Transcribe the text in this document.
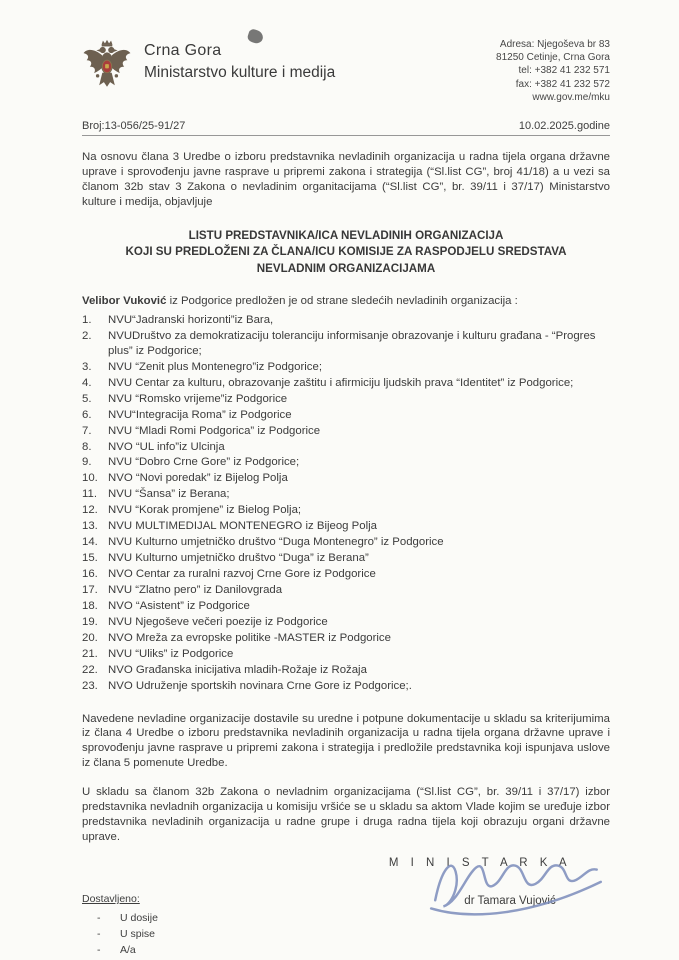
Crna Gora
Ministarstvo kulture i medija
Adresa: Njegoševa br 83
81250 Cetinje, Crna Gora
tel: +382 41 232 571
fax: +382 41 232 572
www.gov.me/mku
Broj:13-056/25-91/27	10.02.2025.godine

Na osnovu člana 3 Uredbe o izboru predstavnika nevladinih organizacija u radna tijela organa državne uprave i sprovođenju javne rasprave u pripremi zakona i strategija (“Sl.list CG”, broj 41/18) a u vezi sa članom 32b stav 3 Zakona o nevladinim organitacijama (“Sl.list CG”, br. 39/11 i 37/17) Ministarstvo kulture i medija, objavljuje

LISTU PREDSTAVNIKA/ICA NEVLADINIH ORGANIZACIJA
KOJI SU PREDLOŽENI ZA ČLANA/ICU KOMISIJE ZA RASPODJELU SREDSTAVA
NEVLADNIM ORGANIZACIJAMA

Velibor Vuković iz Podgorice predložen je od strane sledećih nevladinih organizacija :

NVU“Jadranski horizonti”iz Bara,
NVUDruštvo za demokratizaciju toleranciju informisanje obrazovanje i kulturu građana - “Progres plus” iz Podgorice;
NVU “Zenit plus Montenegro”iz Podgorice;
NVU Centar za kulturu, obrazovanje zaštitu i afirmiciju ljudskih prava “Identitet” iz Podgorice;
NVU “Romsko vrijeme”iz Podgorice
NVU“Integracija Roma” iz Podgorice
NVU “Mladi Romi Podgorica” iz Podgorice
NVO “UL info”iz Ulcinja
NVU “Dobro Crne Gore” iz Podgorice;
NVO “Novi poredak” iz Bijelog Polja
NVU “Šansa” iz Berana;
NVU “Korak promjene” iz Bielog Polja;
NVU MULTIMEDIJAL MONTENEGRO iz Bijeog Polja
NVU Kulturno umjetničko društvo “Duga Montenegro” iz Podgorice
NVU Kulturno umjetničko društvo “Duga” iz Berana”
NVO Centar za ruralni razvoj Crne Gore iz Podgorice
NVU “Zlatno pero” iz Danilovgrada
NVO “Asistent” iz Podgorice
NVU Njegoševe večeri poezije iz Podgorice
NVO Mreža za evropske politike -MASTER iz Podgorice
NVU “Uliks” iz Podgorice
NVO Građanska inicijativa mladih-Rožaje iz Rožaja
NVO Udruženje sportskih novinara Crne Gore iz Podgorice;.

Navedene nevladine organizacije dostavile su uredne i potpune dokumentacije u skladu sa kriterijumima iz člana 4 Uredbe o izboru predstavnika nevladinih organizacija u radna tijela organa državne uprave i sprovođenju javne rasprave u pripremi zakona i strategija i predložile predstavnika koji ispunjava uslove iz člana 5 pomenute Uredbe.

U skladu sa članom 32b Zakona o nevladnim organizacijama (“Sl.list CG”, br. 39/11 i 37/17) izbor predstavnika nevladnih organizacija u komisiju vršiće se u skladu sa aktom Vlade kojim se uređuje izbor predstavnika nevladinih organizacija u radne grupe i druga radna tijela koji obrazuju organi državne uprave.

M I N I S T A R K A
dr Tamara Vujović
Dostavljeno:
- U dosije
- U spise
- A/a
